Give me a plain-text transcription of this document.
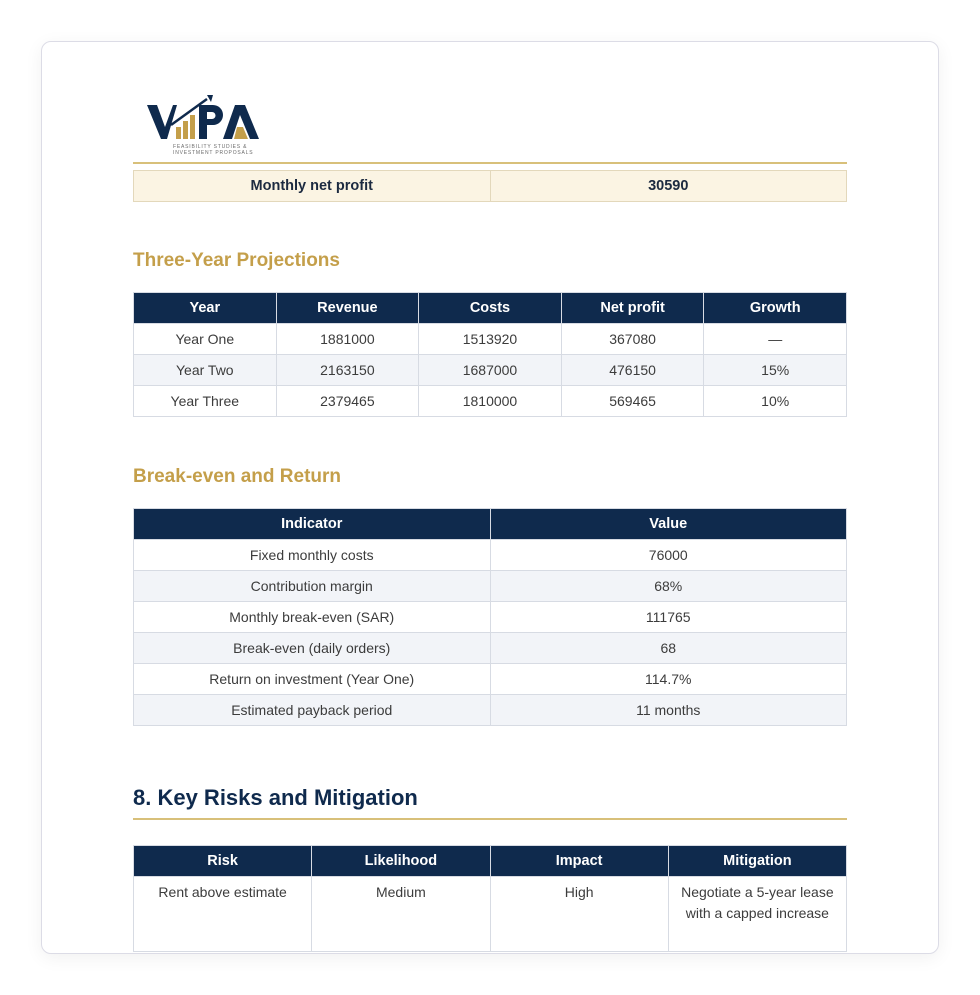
FEASIBILITY STUDIES &
INVESTMENT PROPOSALS
Monthly net profit	30590
Three-Year Projections
Year	Revenue	Costs	Net profit	Growth
Year One	1881000	1513920	367080	—
Year Two	2163150	1687000	476150	15%
Year Three	2379465	1810000	569465	10%
Break-even and Return
Indicator	Value
Fixed monthly costs	76000
Contribution margin	68%
Monthly break-even (SAR)	111765
Break-even (daily orders)	68
Return on investment (Year One)	114.7%
Estimated payback period	11 months
8. Key Risks and Mitigation
Risk	Likelihood	Impact	Mitigation
Rent above estimate	Medium	High	Negotiate a 5-year lease with a capped increase
